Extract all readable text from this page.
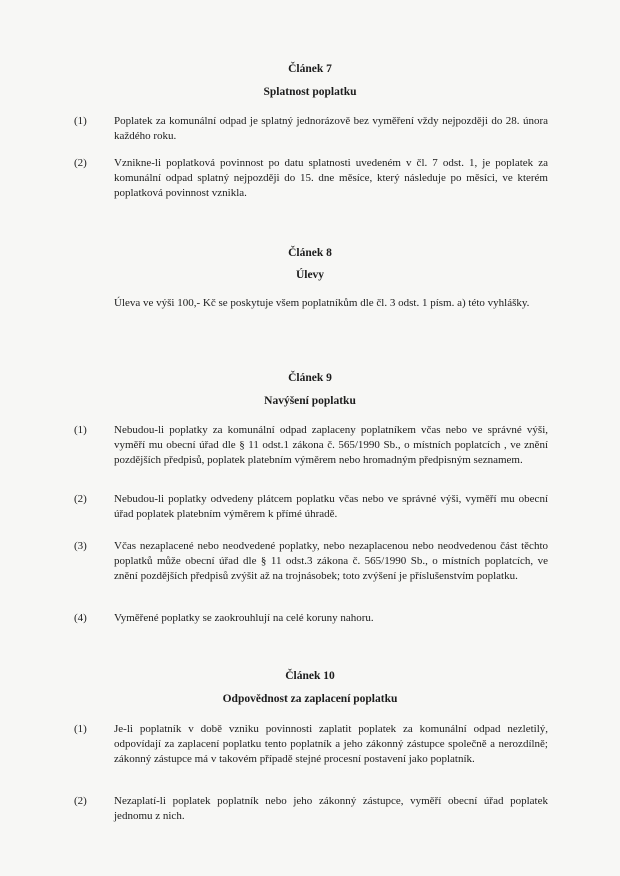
Článek 7
Splatnost poplatku
(1)	Poplatek za komunální odpad je splatný jednorázově bez vyměření vždy nejpozději do 28. února každého roku.
(2)	Vznikne-li poplatková povinnost po datu splatnosti uvedeném v čl. 7 odst. 1, je poplatek za komunální odpad splatný nejpozději do 15. dne měsíce, který následuje po měsíci, ve kterém poplatková povinnost vznikla.
Článek 8
Úlevy
Úleva ve výši 100,- Kč se poskytuje všem poplatníkům dle čl. 3 odst. 1 písm. a) této vyhlášky.
Článek 9
Navýšení poplatku
(1)	Nebudou-li poplatky za komunální odpad zaplaceny poplatníkem včas nebo ve správné výši, vyměří mu obecní úřad dle § 11 odst.1 zákona č. 565/1990 Sb., o místních poplatcích , ve znění pozdějších předpisů, poplatek platebním výměrem nebo hromadným předpisným seznamem.
(2)	Nebudou-li poplatky odvedeny plátcem poplatku včas nebo ve správné výši, vyměří mu obecní úřad poplatek platebním výměrem k přímé úhradě.
(3)	Včas nezaplacené nebo neodvedené poplatky, nebo nezaplacenou nebo neodvedenou část těchto poplatků může obecní úřad dle § 11 odst.3 zákona č. 565/1990 Sb., o místních poplatcích, ve znění pozdějších předpisů zvýšit až na trojnásobek; toto zvýšení je příslušenstvím poplatku.
(4)	Vyměřené poplatky se zaokrouhlují na celé koruny nahoru.
Článek 10
Odpovědnost za zaplacení poplatku
(1)	Je-li poplatník v době vzniku povinnosti zaplatit poplatek za komunální odpad nezletilý, odpovídají za zaplacení poplatku tento poplatník a jeho zákonný zástupce společně a nerozdílně; zákonný zástupce má v takovém případě stejné procesní postavení jako poplatník.
(2)	Nezaplatí-li poplatek poplatník nebo jeho zákonný zástupce, vyměří obecní úřad poplatek jednomu z nich.
